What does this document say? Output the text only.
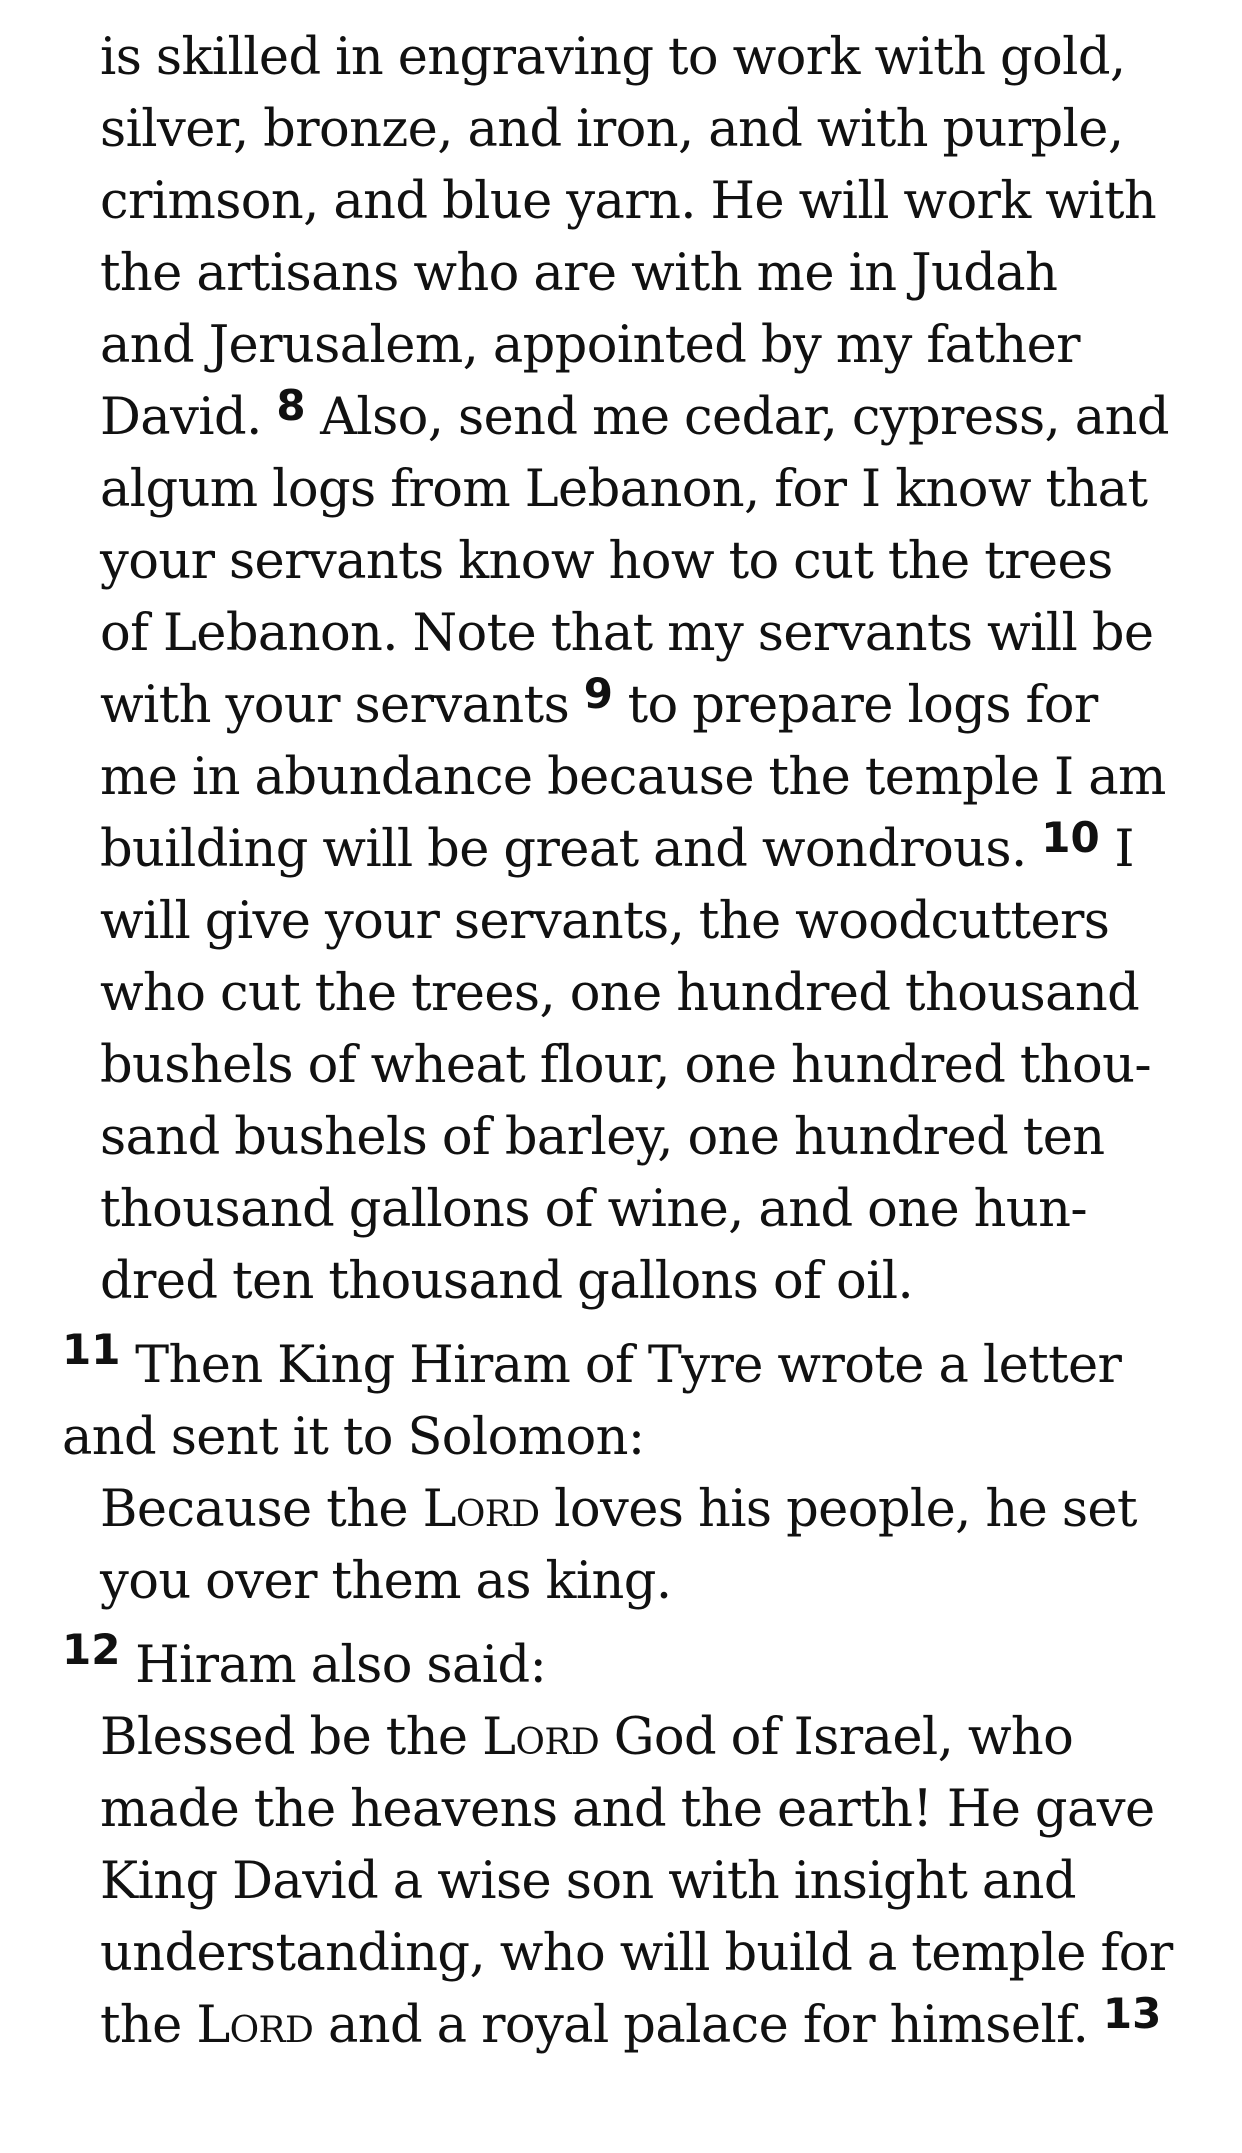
is skilled in engraving to work with gold,
silver, bronze, and iron, and with purple,
crimson, and blue yarn. He will work with
the artisans who are with me in Judah
and Jerusalem, appointed by my father
David. $^8$ Also, send me cedar, cypress, and
algum logs from Lebanon, for I know that
your servants know how to cut the trees
of Lebanon. Note that my servants will be
with your servants $^9$ to prepare logs for
me in abundance because the temple I am
building will be great and wondrous. $^{10}$ I
will give your servants, the woodcutters
who cut the trees, one hundred thousand
bushels of wheat flour, one hundred thou-
sand bushels of barley, one hundred ten
thousand gallons of wine, and one hun-
dred ten thousand gallons of oil.
$^{11}$ Then King Hiram of Tyre wrote a letter
and sent it to Solomon:
Because the Lord loves his people, he set
you over them as king.
$^{12}$ Hiram also said:
Blessed be the Lord God of Israel, who
made the heavens and the earth! He gave
King David a wise son with insight and
understanding, who will build a temple for
the Lord and a royal palace for himself. $^{13}$
